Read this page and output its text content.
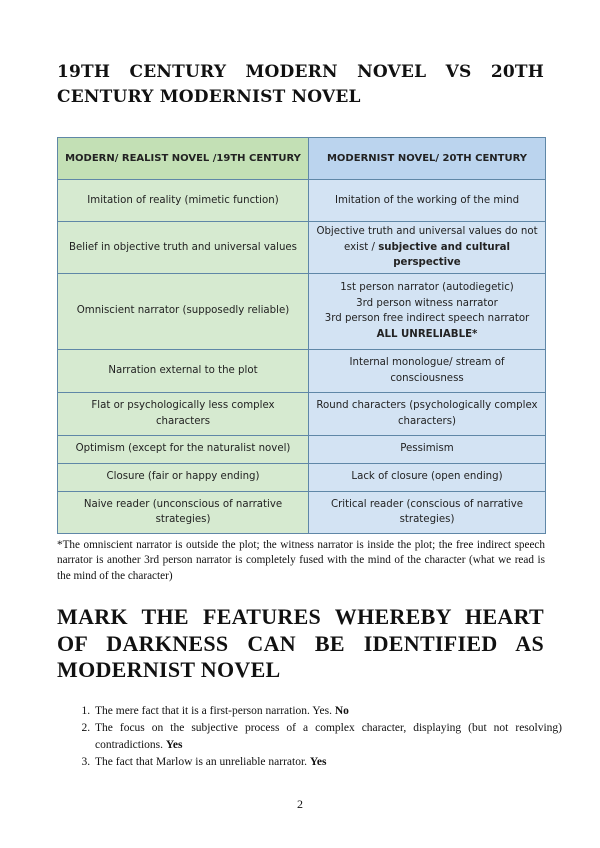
19TH CENTURY MODERN NOVEL VS 20TH CENTURY MODERNIST NOVEL
MODERN/ REALIST NOVEL /19TH CENTURY	MODERNIST NOVEL/ 20TH CENTURY
Imitation of reality (mimetic function)	Imitation of the working of the mind
Belief in objective truth and universal values	Objective truth and universal values do not exist / subjective and cultural perspective
Omniscient narrator (supposedly reliable)	1st person narrator (autodiegetic)
3rd person witness narrator
3rd person free indirect speech narrator
ALL UNRELIABLE*

Narration external to the plot	Internal monologue/ stream of consciousness
Flat or psychologically less complex characters	Round characters (psychologically complex characters)
Optimism (except for the naturalist novel)	Pessimism
Closure (fair or happy ending)	Lack of closure (open ending)
Naive reader (unconscious of narrative strategies)	Critical reader (conscious of narrative strategies)

*The omniscient narrator is outside the plot; the witness narrator is inside the plot; the free indirect speech narrator is another 3rd person narrator is completely fused with the mind of the character (what we read is the mind of the character)

MARK THE FEATURES WHEREBY HEART OF DARKNESS CAN BE IDENTIFIED AS MODERNIST NOVEL
1. The mere fact that it is a first-person narration. Yes. No
2. The focus on the subjective process of a complex character, displaying (but not resolving) contradictions. Yes
3. The fact that Marlow is an unreliable narrator. Yes
2
